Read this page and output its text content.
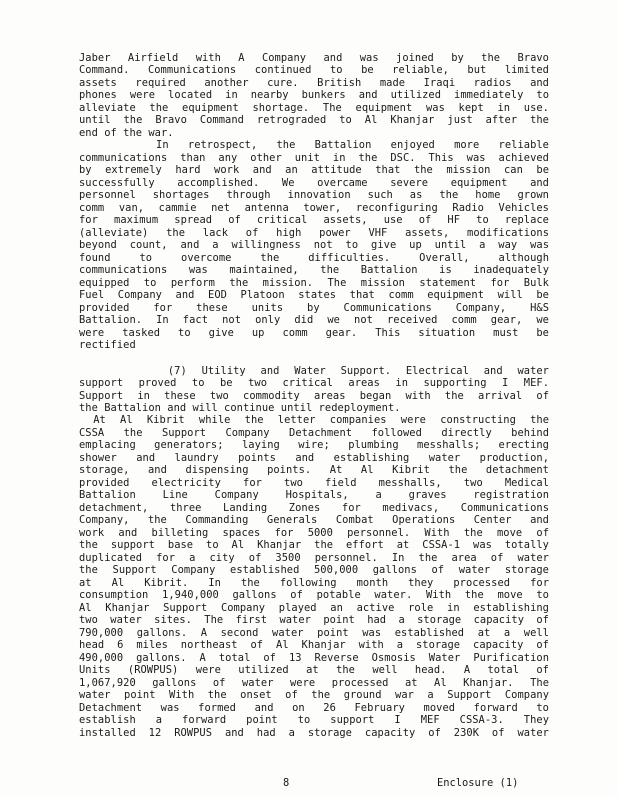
Jaber Airfield with A Company and was joined by the Bravo
Command. Communications continued to be reliable, but limited
assets required another cure. British made Iraqi radios and
phones were located in nearby bunkers and utilized immediately to
alleviate the equipment shortage. The equipment was kept in use.
until the Bravo Command retrograded to Al Khanjar just after the
end of the war.
In retrospect, the Battalion enjoyed more reliable
communications than any other unit in the DSC. This was achieved
by extremely hard work and an attitude that the mission can be
successfully accomplished. We overcame severe equipment and
personnel shortages through innovation such as the home grown
comm van, cammie net antenna tower, reconfiguring Radio Vehicles
for maximum spread of critical assets, use of HF to replace
(alleviate) the lack of high power VHF assets, modifications
beyond count, and a willingness not to give up until a way was
found to overcome the difficulties. Overall, although
communications was maintained, the Battalion is inadequately
equipped to perform the mission. The mission statement for Bulk
Fuel Company and EOD Platoon states that comm equipment will be
provided for these units by Communications Company, H&S
Battalion. In fact not only did we not received comm gear, we
were tasked to give up comm gear. This situation must be
rectified
(7) Utility and Water Support. Electrical and water
support proved to be two critical areas in supporting I MEF.
Support in these two commodity areas began with the arrival of
the Battalion and will continue until redeployment.
At Al Kibrit while the letter companies were constructing the
CSSA the Support Company Detachment followed directly behind
emplacing generators; laying wire; plumbing messhalls; erecting
shower and laundry points and establishing water production,
storage, and dispensing points. At Al Kibrit the detachment
provided electricity for two field messhalls, two Medical
Battalion Line Company Hospitals, a graves registration
detachment, three Landing Zones for medivacs, Communications
Company, the Commanding Generals Combat Operations Center and
work and billeting spaces for 5000 personnel. With the move of
the support base to Al Khanjar the effort at CSSA-1 was totally
duplicated for a city of 3500 personnel. In the area of water
the Support Company established 500,000 gallons of water storage
at Al Kibrit. In the following month they processed for
consumption 1,940,000 gallons of potable water. With the move to
Al Khanjar Support Company played an active role in establishing
two water sites. The first water point had a storage capacity of
790,000 gallons. A second water point was established at a well
head 6 miles northeast of Al Khanjar with a storage capacity of
490,000 gallons. A total of 13 Reverse Osmosis Water Purification
Units (ROWPUS) were utilized at the well head. A total of
1,067,920 gallons of water were processed at Al Khanjar. The
water point With the onset of the ground war a Support Company
Detachment was formed and on 26 February moved forward to
establish a forward point to support I MEF CSSA-3. They
installed 12 ROWPUS and had a storage capacity of 230K of water
8	Enclosure (1)
